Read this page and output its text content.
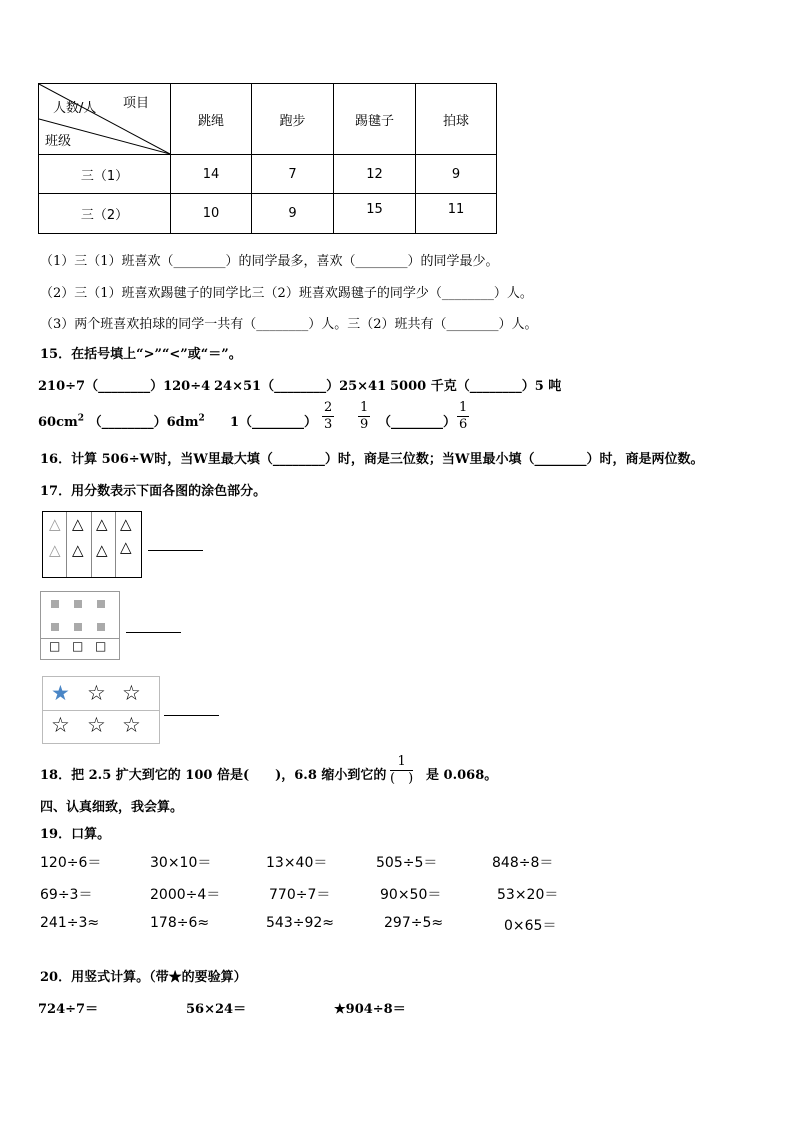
项目
人数/人
班级	跳绳	跑步	踢毽子	拍球
三（1）	14	7	12	9
三（2）	10	9	15	11
（1）三（1）班喜欢（________）的同学最多，喜欢（________）的同学最少。
（2）三（1）班喜欢踢毽子的同学比三（2）班喜欢踢毽子的同学少（________）人。
（3）两个班喜欢拍球的同学一共有（________）人。三（2）班共有（________）人。
15．在括号填上“>”“<”或“＝”。
210÷7（________）120÷4 24×51（________）25×41 5000 千克（________）5 吨
$60cm^2$ $(\_\_\_\_\_\_\_\_)6dm^2$ 1（________） $\frac{2}{3} \frac{1}{9}$ （________） $\frac{1}{6}$
16．计算 506÷W时，当W里最大填（________）时，商是三位数；当W里最小填（________）时，商是两位数。
17．用分数表示下面各图的涂色部分。
△ △ △ △
△ △ △ △
□ □ □
★ ☆ ☆
☆ ☆ ☆
18．把 2.5 扩大到它的 100 倍是(　　)，6.8 缩小到它的
1
(　) 是 0.068。
四、认真细致，我会算。
19．口算。
120÷6＝	30×10＝	13×40＝	505÷5＝	848÷8＝
69÷3＝	2000÷4＝	770÷7＝	90×50＝	53×20＝
241÷3≈	178÷6≈	543÷92≈	297÷5≈	0×65＝
20．用竖式计算。（带★的要验算）
724÷7＝	56×24＝	★904÷8＝
